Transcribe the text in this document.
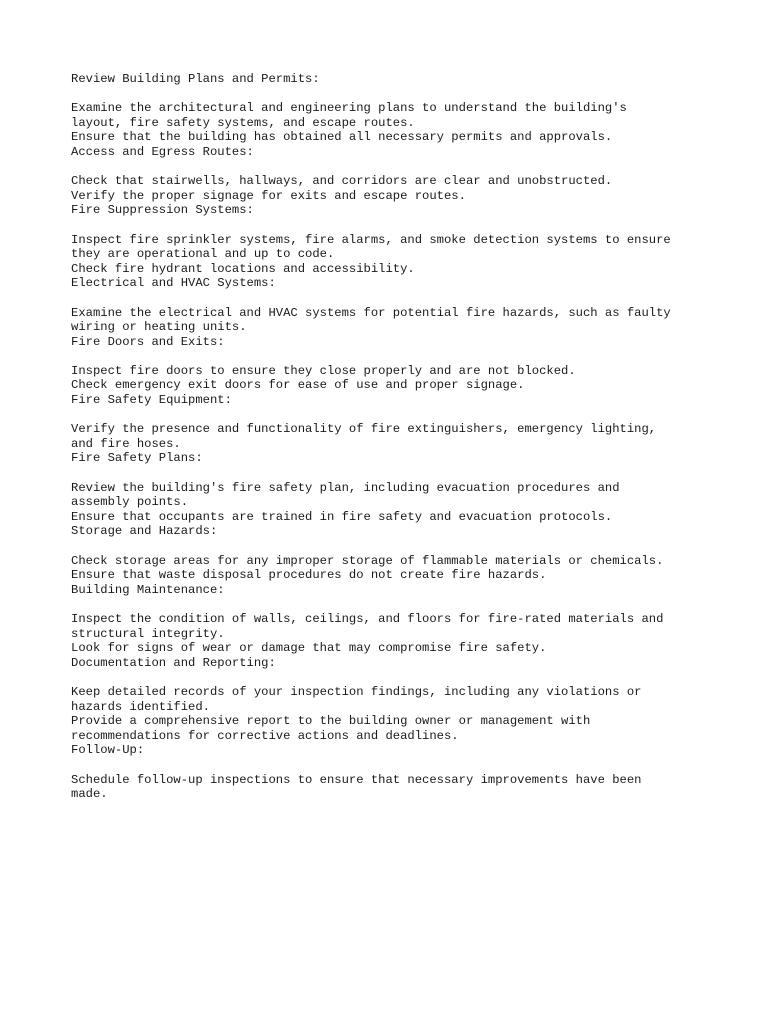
Review Building Plans and Permits:
Examine the architectural and engineering plans to understand the building's
layout, fire safety systems, and escape routes.
Ensure that the building has obtained all necessary permits and approvals.
Access and Egress Routes:
Check that stairwells, hallways, and corridors are clear and unobstructed.
Verify the proper signage for exits and escape routes.
Fire Suppression Systems:
Inspect fire sprinkler systems, fire alarms, and smoke detection systems to ensure
they are operational and up to code.
Check fire hydrant locations and accessibility.
Electrical and HVAC Systems:
Examine the electrical and HVAC systems for potential fire hazards, such as faulty
wiring or heating units.
Fire Doors and Exits:
Inspect fire doors to ensure they close properly and are not blocked.
Check emergency exit doors for ease of use and proper signage.
Fire Safety Equipment:
Verify the presence and functionality of fire extinguishers, emergency lighting,
and fire hoses.
Fire Safety Plans:
Review the building's fire safety plan, including evacuation procedures and
assembly points.
Ensure that occupants are trained in fire safety and evacuation protocols.
Storage and Hazards:
Check storage areas for any improper storage of flammable materials or chemicals.
Ensure that waste disposal procedures do not create fire hazards.
Building Maintenance:
Inspect the condition of walls, ceilings, and floors for fire-rated materials and
structural integrity.
Look for signs of wear or damage that may compromise fire safety.
Documentation and Reporting:
Keep detailed records of your inspection findings, including any violations or
hazards identified.
Provide a comprehensive report to the building owner or management with
recommendations for corrective actions and deadlines.
Follow-Up:
Schedule follow-up inspections to ensure that necessary improvements have been
made.
